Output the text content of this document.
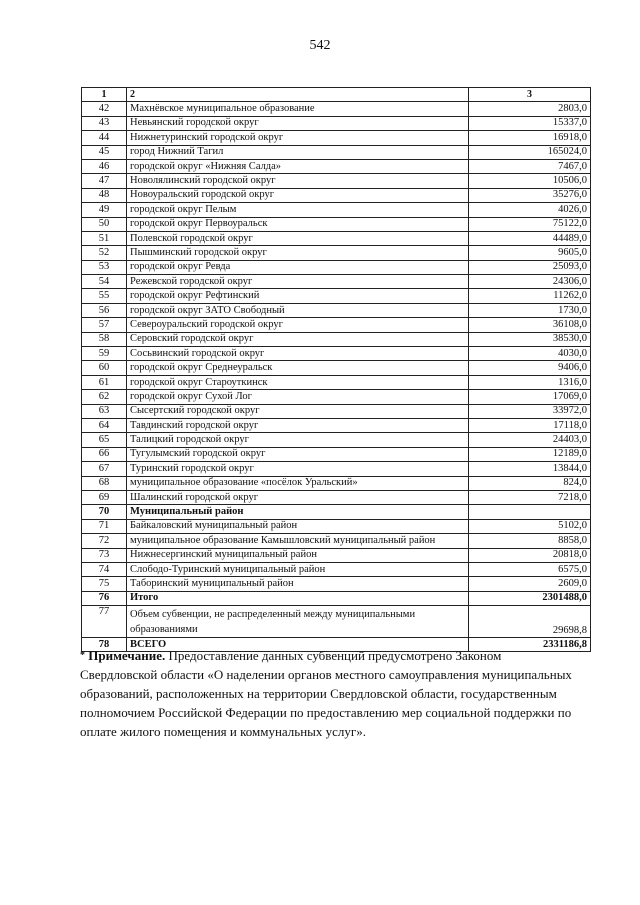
542
1	2	3
42	Махнёвское муниципальное образование	2803,0
43	Невьянский городской округ	15337,0
44	Нижнетуринский городской округ	16918,0
45	город Нижний Тагил	165024,0
46	городской округ «Нижняя Салда»	7467,0
47	Новолялинский городской округ	10506,0
48	Новоуральский городской округ	35276,0
49	городской округ Пелым	4026,0
50	городской округ Первоуральск	75122,0
51	Полевской городской округ	44489,0
52	Пышминский городской округ	9605,0
53	городской округ Ревда	25093,0
54	Режевской городской округ	24306,0
55	городской округ Рефтинский	11262,0
56	городской округ ЗАТО Свободный	1730,0
57	Североуральский городской округ	36108,0
58	Серовский городской округ	38530,0
59	Сосьвинский городской округ	4030,0
60	городской округ Среднеуральск	9406,0
61	городской округ Староуткинск	1316,0
62	городской округ Сухой Лог	17069,0
63	Сысертский городской округ	33972,0
64	Тавдинский городской округ	17118,0
65	Талицкий городской округ	24403,0
66	Тугулымский городской округ	12189,0
67	Туринский городской округ	13844,0
68	муниципальное образование «посёлок Уральский»	824,0
69	Шалинский городской округ	7218,0
70	Муниципальный район	
71	Байкаловский муниципальный район	5102,0
72	муниципальное образование Камышловский муниципальный район	8858,0
73	Нижнесергинский муниципальный район	20818,0
74	Слободо-Туринский муниципальный район	6575,0
75	Таборинский муниципальный район	2609,0
76	Итого	2301488,0
77	Объем субвенции, не распределенный между муниципальными образованиями	29698,8
78	ВСЕГО	2331186,8
* Примечание. Предоставление данных субвенций предусмотрено Законом Свердловской области «О наделении органов местного самоуправления муниципальных образований, расположенных на территории Свердловской области, государственным полномочием Российской Федерации по предоставлению мер социальной поддержки по оплате жилого помещения и коммунальных услуг».
